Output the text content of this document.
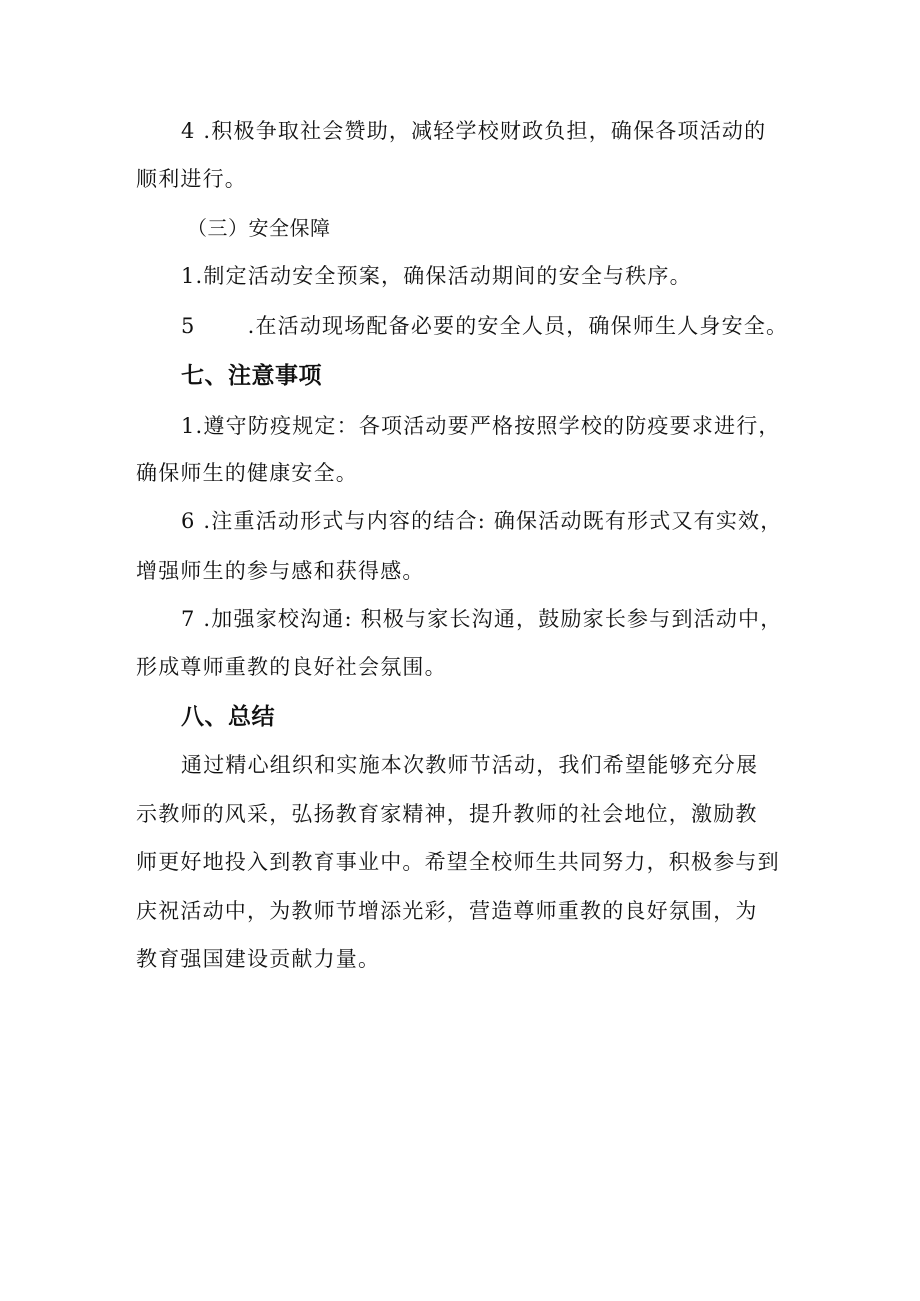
4 .积极争取社会赞助，减轻学校财政负担，确保各项活动的
顺利进行。
（三）安全保障
1.制定活动安全预案，确保活动期间的安全与秩序。
5 .在活动现场配备必要的安全人员，确保师生人身安全。
七、注意事项
1.遵守防疫规定：各项活动要严格按照学校的防疫要求进行，
确保师生的健康安全。
6 .注重活动形式与内容的结合: 确保活动既有形式又有实效，
增强师生的参与感和获得感。
7 .加强家校沟通: 积极与家长沟通，鼓励家长参与到活动中，
形成尊师重教的良好社会氛围。
八、总结
通过精心组织和实施本次教师节活动，我们希望能够充分展
示教师的风采，弘扬教育家精神，提升教师的社会地位，激励教
师更好地投入到教育事业中。希望全校师生共同努力，积极参与到
庆祝活动中，为教师节增添光彩，营造尊师重教的良好氛围，为
教育强国建设贡献力量。
